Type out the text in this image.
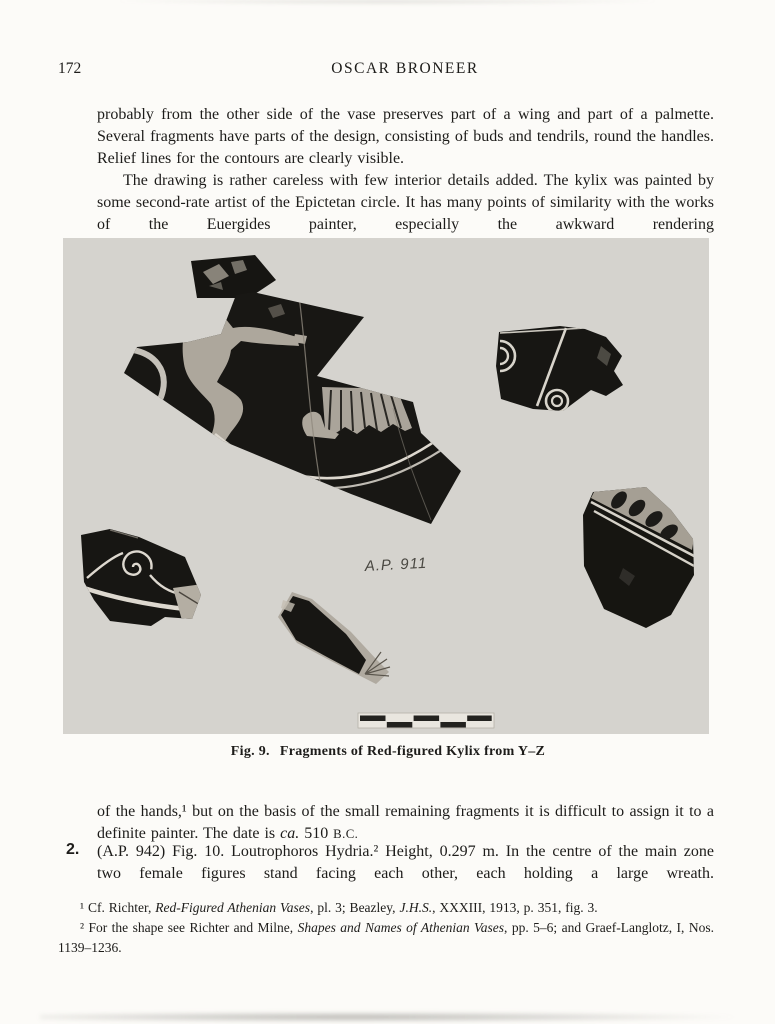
172	OSCAR BRONEER

probably from the other side of the vase preserves part of a wing and part of a palmette. Several fragments have parts of the design, consisting of buds and tendrils, round the handles. Relief lines for the contours are clearly visible.

The drawing is rather careless with few interior details added. The kylix was painted by some second-rate artist of the Epictetan circle. It has many points of similarity with the works of the Euergides painter, especially the awkward rendering

A.P. 911
Fig. 9. Fragments of Red-figured Kylix from Y–Z

of the hands,¹ but on the basis of the small remaining fragments it is difficult to assign it to a definite painter. The date is ca. 510 B.C.

2. (A.P. 942) Fig. 10. Loutrophoros Hydria.² Height, 0.297 m. In the centre of the main zone two female figures stand facing each other, each holding a large wreath.

¹ Cf. Richter, Red-Figured Athenian Vases, pl. 3; Beazley, J.H.S., XXXIII, 1913, p. 351, fig. 3.

² For the shape see Richter and Milne, Shapes and Names of Athenian Vases, pp. 5–6; and Graef-Langlotz, I, Nos. 1139–1236.
